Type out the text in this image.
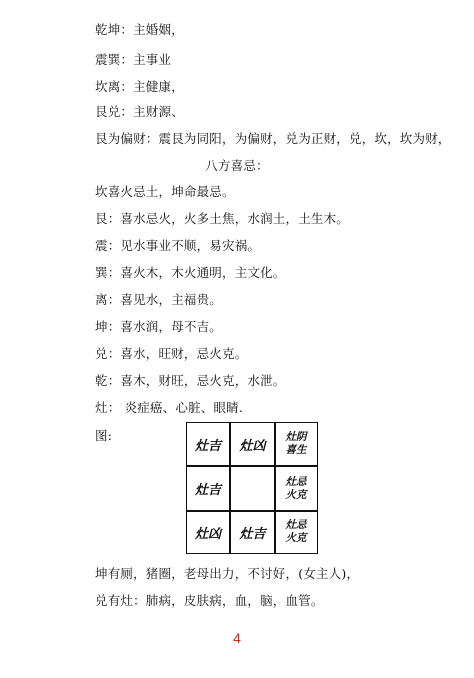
乾坤：主婚姻，
震巽：主事业
坎离：主健康，
艮兑：主财源、
艮为偏财：震艮为同阳，为偏财，兑为正财，兑，坎，坎为财，
八方喜忌：
坎喜火忌土，坤命最忌。
艮：喜水忌火，火多土焦，水润土，土生木。
震：见水事业不顺，易灾祸。
巽：喜火木，木火通明，主文化。
离：喜见水，主福贵。
坤：喜水润，母不吉。
兑：喜水，旺财，忌火克。
乾：喜木，财旺，忌火克，水泄。
灶： 炎症癌、心脏、眼睛.
图:
灶吉	灶凶
灶阴
喜生
灶吉
灶忌
火克
灶凶	灶吉
灶忌
火克
坤有厕，猪圈，老母出力，不讨好，(女主人)，
兑有灶：肺病，皮肤病，血，脑，血管。
4
